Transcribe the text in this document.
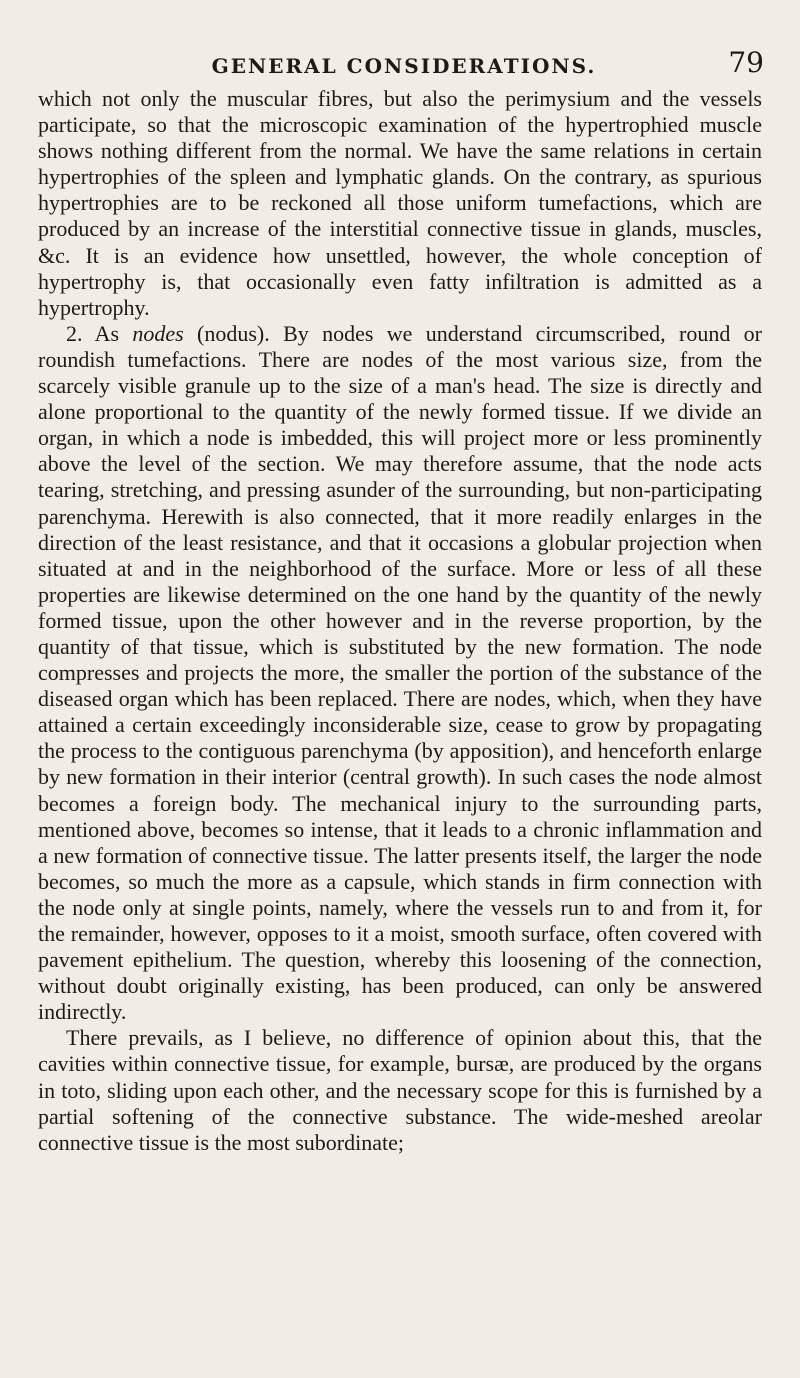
GENERAL CONSIDERATIONS.	79

which not only the muscular fibres, but also the perimysium and the vessels participate, so that the microscopic examination of the hypertrophied muscle shows nothing different from the normal. We have the same relations in certain hypertrophies of the spleen and lymphatic glands. On the contrary, as spurious hypertrophies are to be reckoned all those uniform tumefactions, which are produced by an increase of the interstitial connective tissue in glands, muscles, &c. It is an evidence how unsettled, however, the whole conception of hypertrophy is, that occasionally even fatty infiltration is admitted as a hypertrophy.

2. As nodes (nodus). By nodes we understand circumscribed, round or roundish tumefactions. There are nodes of the most various size, from the scarcely visible granule up to the size of a man's head. The size is directly and alone proportional to the quantity of the newly formed tissue. If we divide an organ, in which a node is imbedded, this will project more or less prominently above the level of the section. We may therefore assume, that the node acts tearing, stretching, and pressing asunder of the surrounding, but non-participating parenchyma. Herewith is also connected, that it more readily enlarges in the direction of the least resistance, and that it occasions a globular projection when situated at and in the neighborhood of the surface. More or less of all these properties are likewise determined on the one hand by the quantity of the newly formed tissue, upon the other however and in the reverse proportion, by the quantity of that tissue, which is substituted by the new formation. The node compresses and projects the more, the smaller the portion of the substance of the diseased organ which has been replaced. There are nodes, which, when they have attained a certain exceedingly inconsiderable size, cease to grow by propagating the process to the contiguous parenchyma (by apposition), and henceforth enlarge by new formation in their interior (central growth). In such cases the node almost becomes a foreign body. The mechanical injury to the surrounding parts, mentioned above, becomes so intense, that it leads to a chronic inflammation and a new formation of connective tissue. The latter presents itself, the larger the node becomes, so much the more as a capsule, which stands in firm connection with the node only at single points, namely, where the vessels run to and from it, for the remainder, however, opposes to it a moist, smooth surface, often covered with pavement epithelium. The question, whereby this loosening of the connection, without doubt originally existing, has been produced, can only be answered indirectly.

There prevails, as I believe, no difference of opinion about this, that the cavities within connective tissue, for example, bursæ, are produced by the organs in toto, sliding upon each other, and the necessary scope for this is furnished by a partial softening of the connective substance. The wide-meshed areolar connective tissue is the most subordinate;
